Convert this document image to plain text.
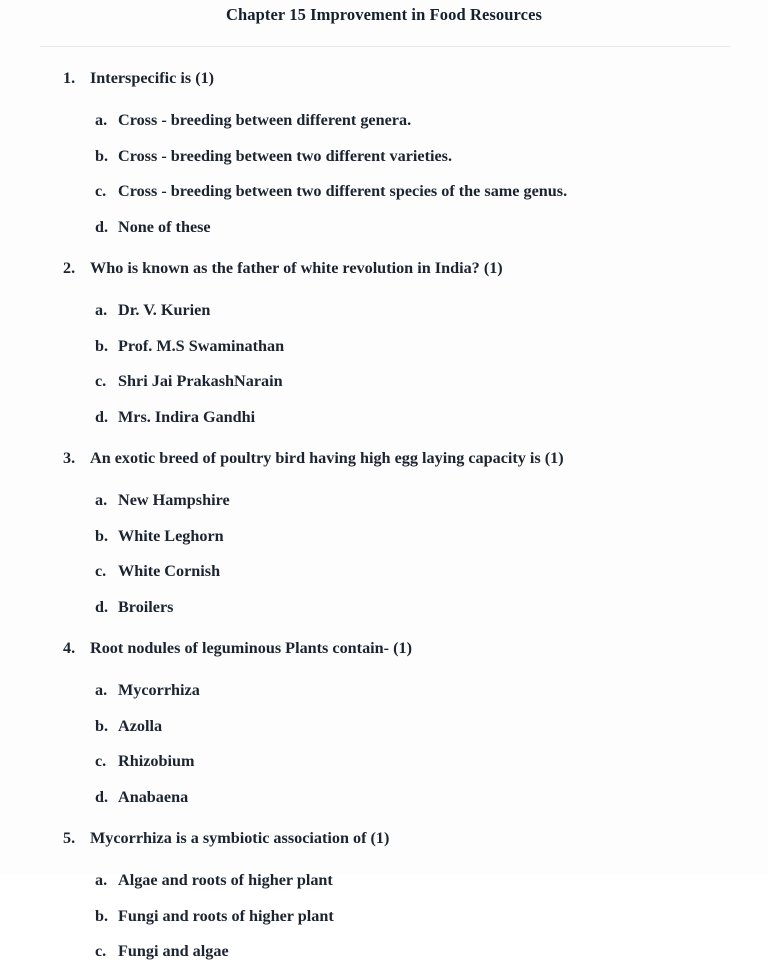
Chapter 15 Improvement in Food Resources
1. Interspecific is (1)
a. Cross - breeding between different genera.
b. Cross - breeding between two different varieties.
c. Cross - breeding between two different species of the same genus.
d. None of these
2. Who is known as the father of white revolution in India? (1)
a. Dr. V. Kurien
b. Prof. M.S Swaminathan
c. Shri Jai PrakashNarain
d. Mrs. Indira Gandhi
3. An exotic breed of poultry bird having high egg laying capacity is (1)
a. New Hampshire
b. White Leghorn
c. White Cornish
d. Broilers
4. Root nodules of leguminous Plants contain- (1)
a. Mycorrhiza
b. Azolla
c. Rhizobium
d. Anabaena
5. Mycorrhiza is a symbiotic association of (1)
a. Algae and roots of higher plant
b. Fungi and roots of higher plant
c. Fungi and algae
